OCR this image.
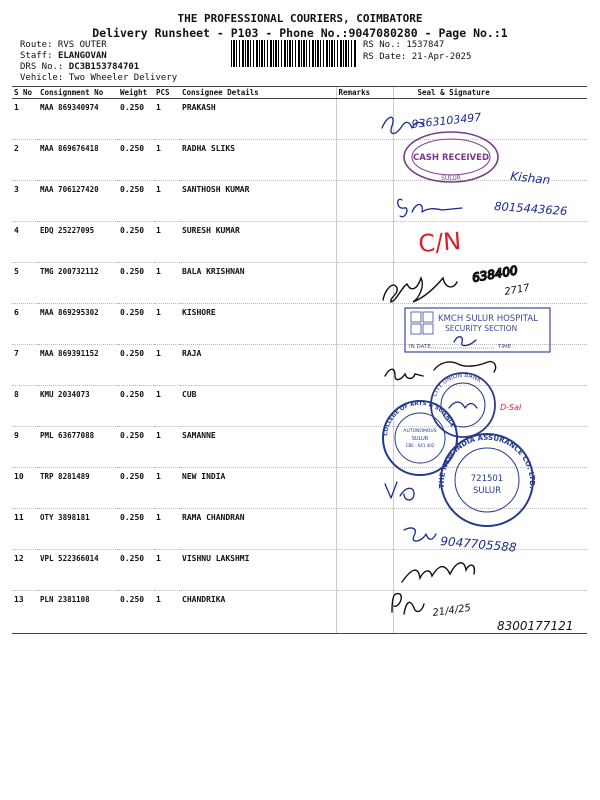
THE PROFESSIONAL COURIERS, COIMBATORE
Delivery Runsheet - P103 - Phone No.:9047080280 - Page No.:1
Route: RVS OUTER
Staff: ELANGOVAN
DRS No.: DC3B153784701
Vehicle: Two Wheeler Delivery
RS No.: 1537847
RS Date: 21-Apr-2025
S No	Consignment No	Weight	PCS	Consignee Details	Remarks	Seal & Signature
1	MAA 869340974	0.250	1	PRAKASH		
2	MAA 869676418	0.250	1	RADHA SLIKS		
3	MAA 706127420	0.250	1	SANTHOSH KUMAR		
4	EDQ 25227095	0.250	1	SURESH KUMAR		
5	TMG 200732112	0.250	1	BALA KRISHNAN		
6	MAA 869295302	0.250	1	KISHORE		
7	MAA 869391152	0.250	1	RAJA		
8	KMU 2034073	0.250	1	CUB		
9	PML 63677088	0.250	1	SAMANNE		
10	TRP 8281489	0.250	1	NEW INDIA		
11	OTY 3898181	0.250	1	RAMA CHANDRAN		
12	VPL 522366014	0.250	1	VISHNU LAKSHMI		
13	PLN 2381108	0.250	1	CHANDRIKA		
9363103497
CASH RECEIVED
SULUR	Kishan
8015443626
C/N
638400
2717
KMCH SULUR HOSPITAL
SECURITY SECTION
IN DATE :	TIME :
CITY UNION BANK
D-Sal
COLLEGE OF ARTS & SCIENCE
AUTONOMOUS
SULUR
CBE - 641 402
THE NEW INDIA ASSURANCE CO. LTD.
721501
SULUR
9047705588
21/4/25
8300177121
